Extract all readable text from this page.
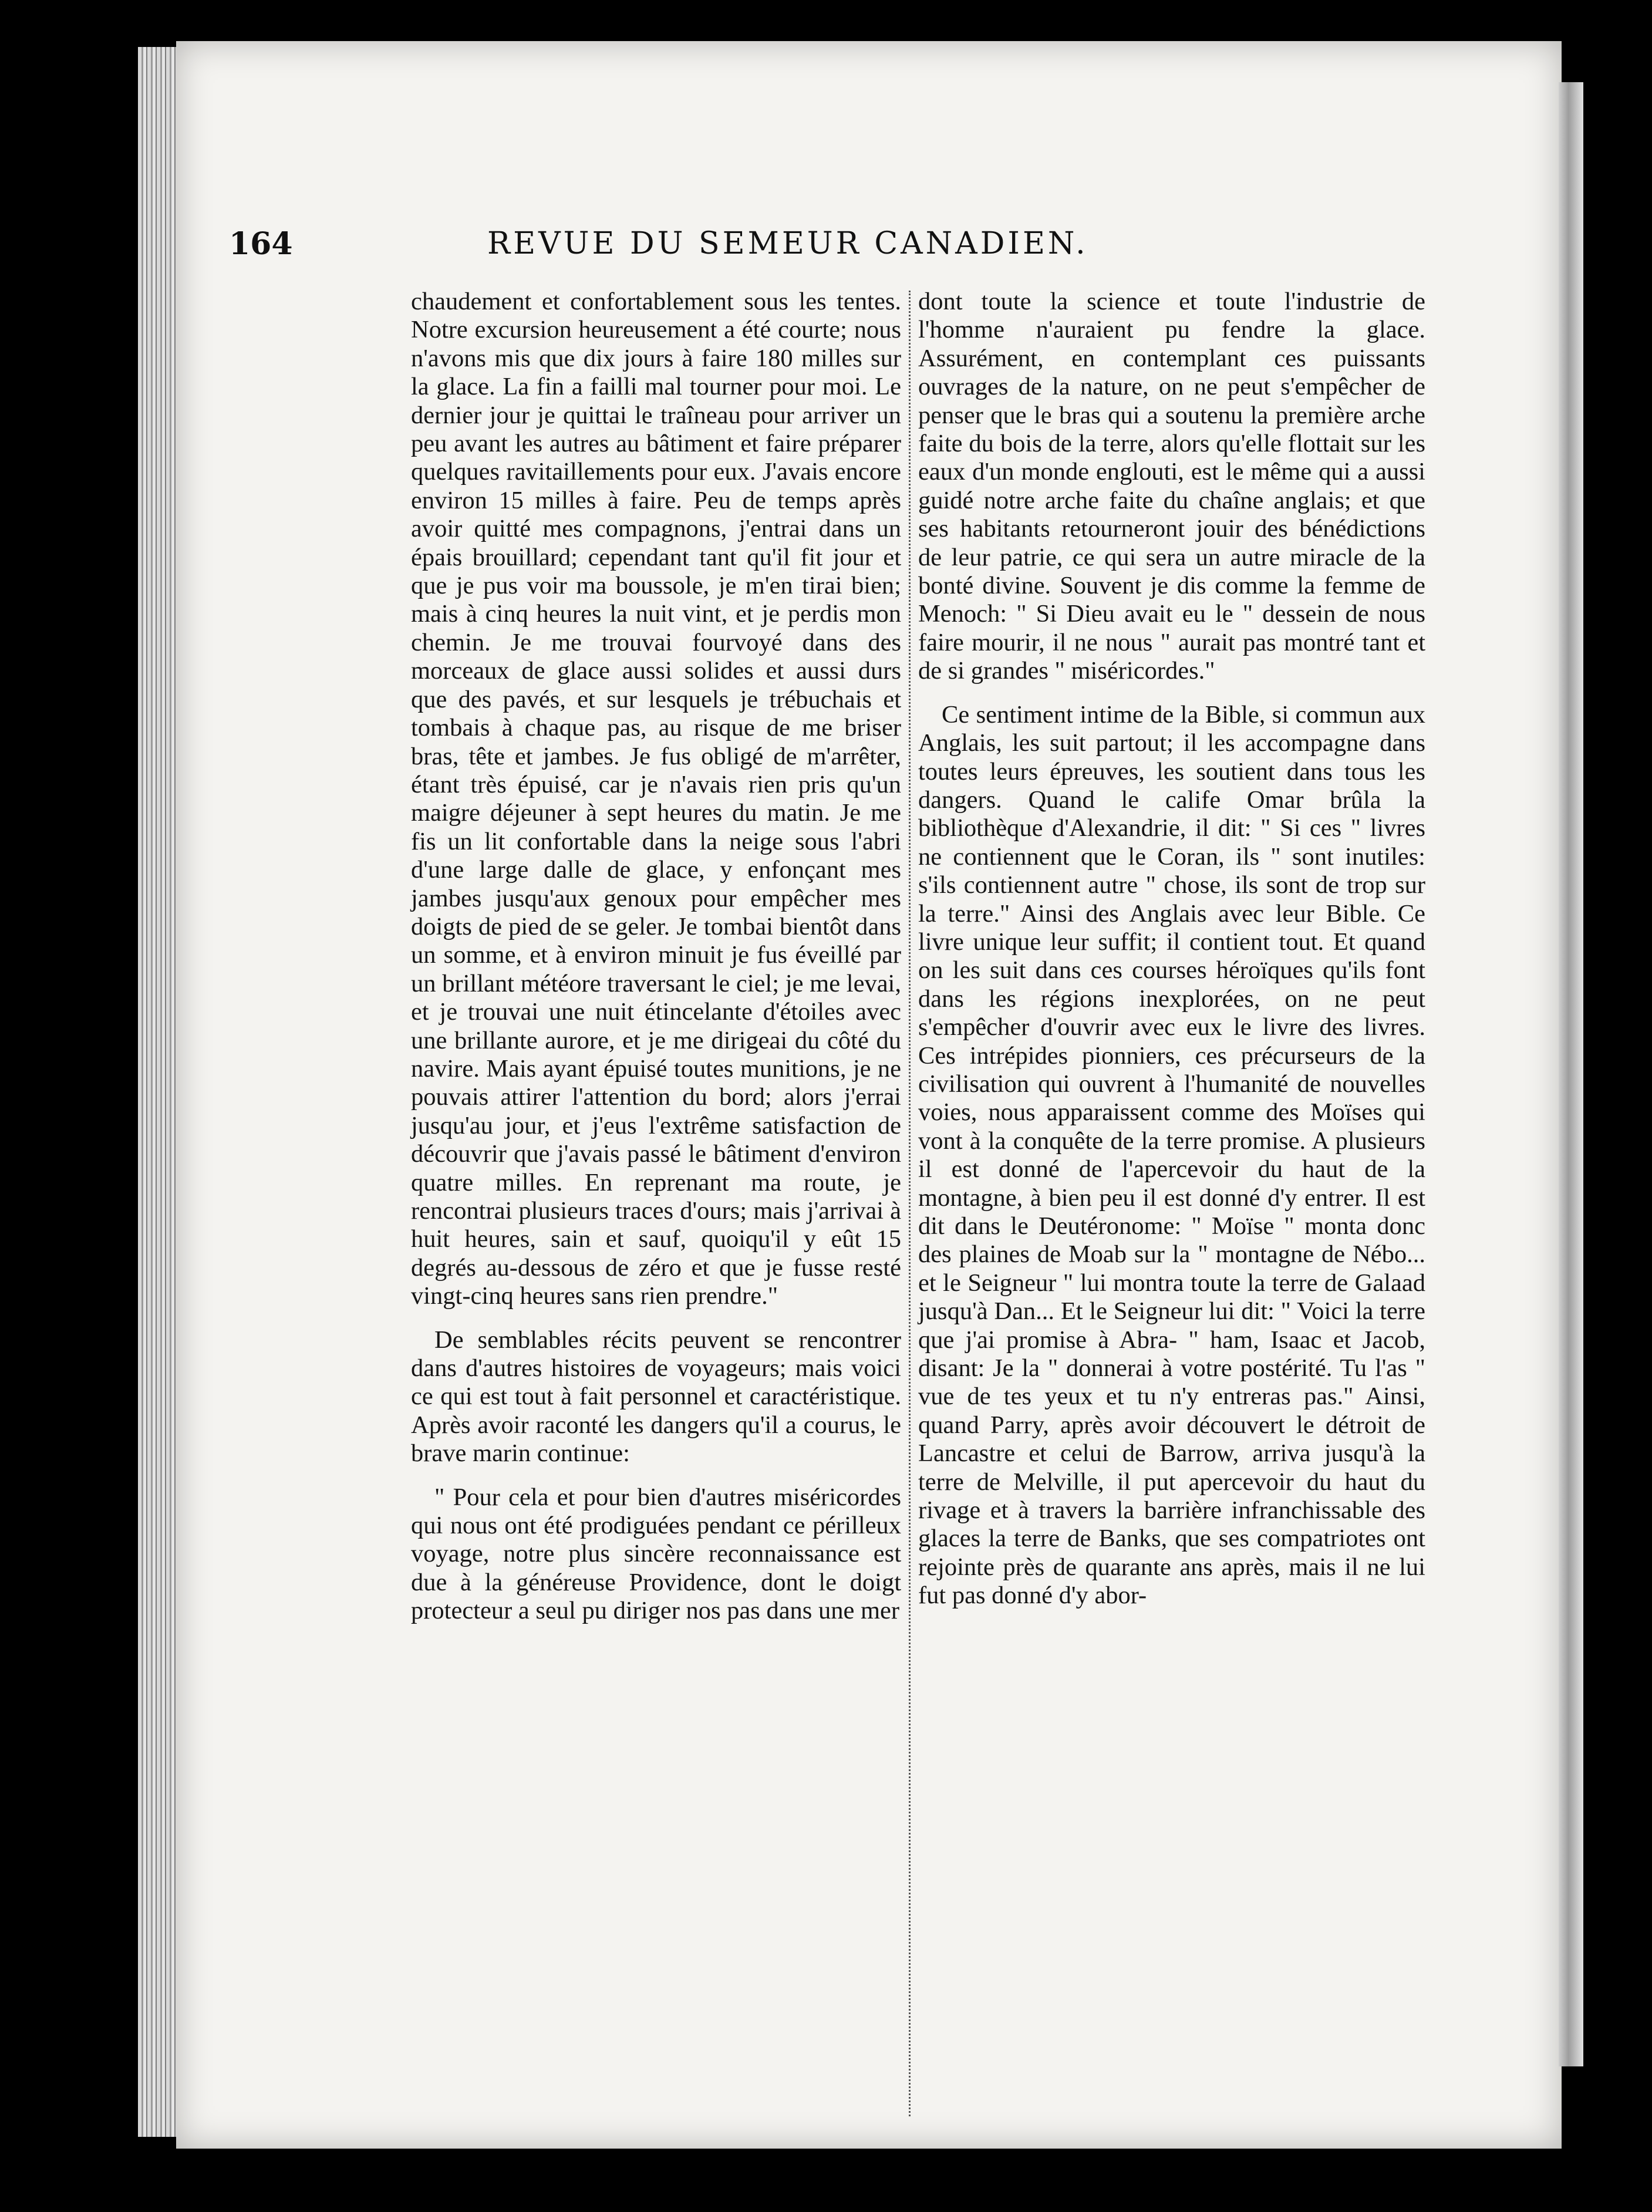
164	REVUE DU SEMEUR CANADIEN.

chaudement et confortablement sous les tentes. Notre excursion heureusement a été courte; nous n'avons mis que dix jours à faire 180 milles sur la glace. La fin a failli mal tourner pour moi. Le dernier jour je quittai le traîneau pour arriver un peu avant les autres au bâtiment et faire préparer quelques ravitaillements pour eux. J'avais encore environ 15 milles à faire. Peu de temps après avoir quitté mes compagnons, j'entrai dans un épais brouillard; cependant tant qu'il fit jour et que je pus voir ma boussole, je m'en tirai bien; mais à cinq heures la nuit vint, et je perdis mon chemin. Je me trouvai fourvoyé dans des morceaux de glace aussi solides et aussi durs que des pavés, et sur lesquels je trébuchais et tombais à chaque pas, au risque de me briser bras, tête et jambes. Je fus obligé de m'arrêter, étant très épuisé, car je n'avais rien pris qu'un maigre déjeuner à sept heures du matin. Je me fis un lit confortable dans la neige sous l'abri d'une large dalle de glace, y enfonçant mes jambes jusqu'aux genoux pour empêcher mes doigts de pied de se geler. Je tombai bientôt dans un somme, et à environ minuit je fus éveillé par un brillant météore traversant le ciel; je me levai, et je trouvai une nuit étincelante d'étoiles avec une brillante aurore, et je me dirigeai du côté du navire. Mais ayant épuisé toutes munitions, je ne pouvais attirer l'attention du bord; alors j'errai jusqu'au jour, et j'eus l'extrême satisfaction de découvrir que j'avais passé le bâtiment d'environ quatre milles. En reprenant ma route, je rencontrai plusieurs traces d'ours; mais j'arrivai à huit heures, sain et sauf, quoiqu'il y eût 15 degrés au-dessous de zéro et que je fusse resté vingt-cinq heures sans rien prendre."

De semblables récits peuvent se rencontrer dans d'autres histoires de voyageurs; mais voici ce qui est tout à fait personnel et caractéristique. Après avoir raconté les dangers qu'il a courus, le brave marin continue:

" Pour cela et pour bien d'autres miséricordes qui nous ont été prodiguées pendant ce périlleux voyage, notre plus sincère reconnaissance est due à la généreuse Providence, dont le doigt protecteur a seul pu diriger nos pas dans une mer

dont toute la science et toute l'industrie de l'homme n'auraient pu fendre la glace. Assurément, en contemplant ces puissants ouvrages de la nature, on ne peut s'empêcher de penser que le bras qui a soutenu la première arche faite du bois de la terre, alors qu'elle flottait sur les eaux d'un monde englouti, est le même qui a aussi guidé notre arche faite du chaîne anglais; et que ses habitants retourneront jouir des bénédictions de leur patrie, ce qui sera un autre miracle de la bonté divine. Souvent je dis comme la femme de Menoch: " Si Dieu avait eu le " dessein de nous faire mourir, il ne nous " aurait pas montré tant et de si grandes " miséricordes."

Ce sentiment intime de la Bible, si commun aux Anglais, les suit partout; il les accompagne dans toutes leurs épreuves, les soutient dans tous les dangers. Quand le calife Omar brûla la bibliothèque d'Alexandrie, il dit: " Si ces " livres ne contiennent que le Coran, ils " sont inutiles: s'ils contiennent autre " chose, ils sont de trop sur la terre." Ainsi des Anglais avec leur Bible. Ce livre unique leur suffit; il contient tout. Et quand on les suit dans ces courses héroïques qu'ils font dans les régions inexplorées, on ne peut s'empêcher d'ouvrir avec eux le livre des livres. Ces intrépides pionniers, ces précurseurs de la civilisation qui ouvrent à l'humanité de nouvelles voies, nous apparaissent comme des Moïses qui vont à la conquête de la terre promise. A plusieurs il est donné de l'apercevoir du haut de la montagne, à bien peu il est donné d'y entrer. Il est dit dans le Deutéronome: " Moïse " monta donc des plaines de Moab sur la " montagne de Nébo... et le Seigneur " lui montra toute la terre de Galaad jusqu'à Dan... Et le Seigneur lui dit: " Voici la terre que j'ai promise à Abra- " ham, Isaac et Jacob, disant: Je la " donnerai à votre postérité. Tu l'as " vue de tes yeux et tu n'y entreras pas." Ainsi, quand Parry, après avoir découvert le détroit de Lancastre et celui de Barrow, arriva jusqu'à la terre de Melville, il put apercevoir du haut du rivage et à travers la barrière infranchissable des glaces la terre de Banks, que ses compatriotes ont rejointe près de quarante ans après, mais il ne lui fut pas donné d'y abor-
